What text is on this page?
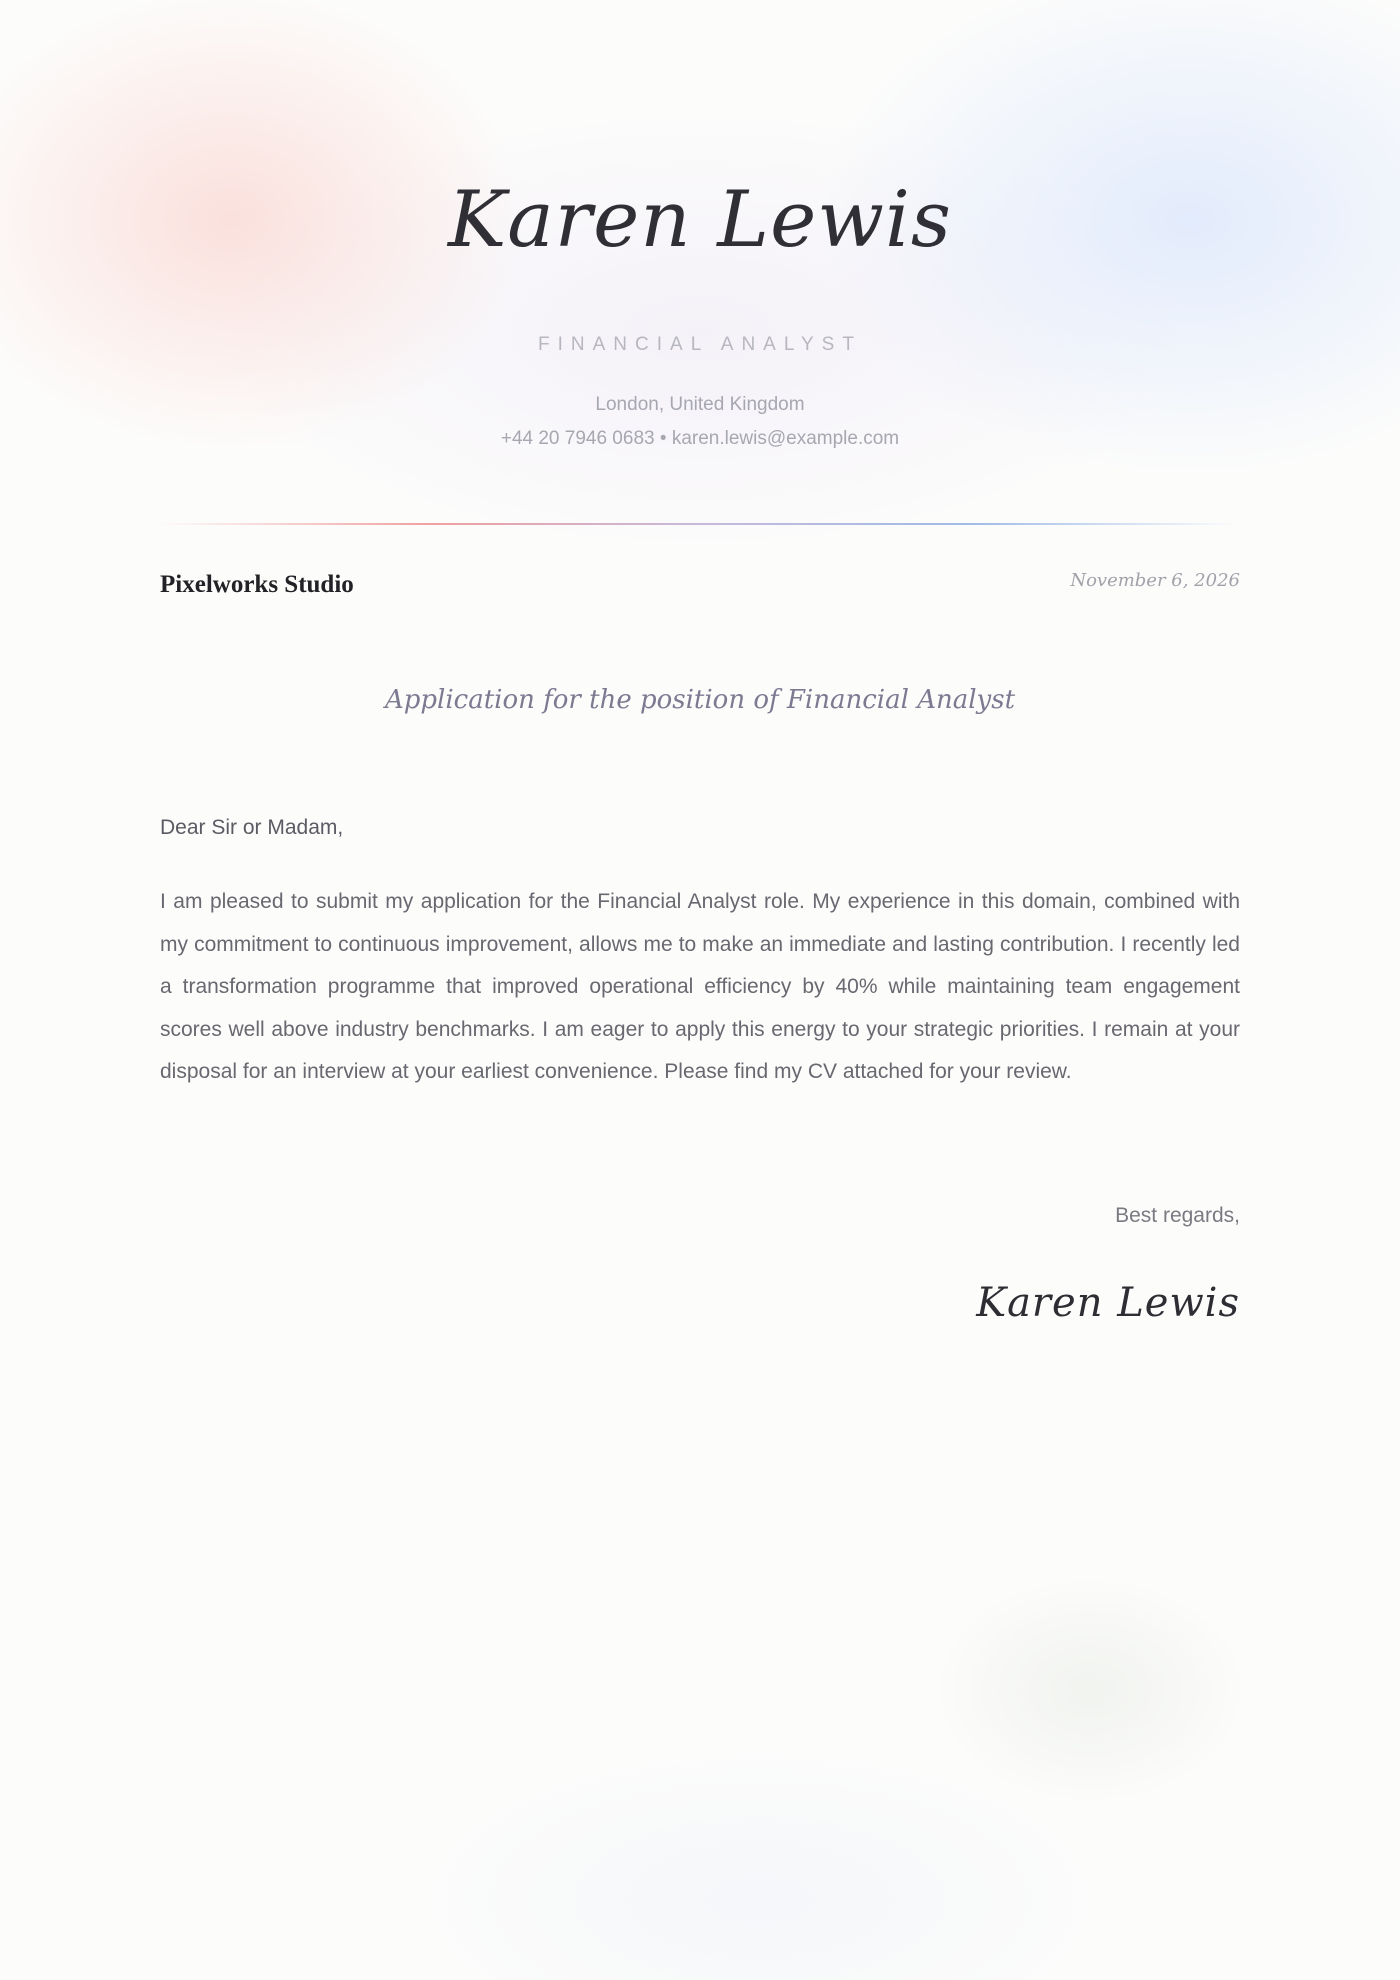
Karen Lewis
FINANCIAL ANALYST
London, United Kingdom
+44 20 7946 0683 • karen.lewis@example.com
Pixelworks Studio	November 6, 2026
Application for the position of Financial Analyst
Dear Sir or Madam,

I am pleased to submit my application for the Financial Analyst role. My experience in this domain, combined with my commitment to continuous improvement, allows me to make an immediate and lasting contribution. I recently led a transformation programme that improved operational efficiency by 40% while maintaining team engagement scores well above industry benchmarks. I am eager to apply this energy to your strategic priorities. I remain at your disposal for an interview at your earliest convenience. Please find my CV attached for your review.

Best regards,
Karen Lewis
